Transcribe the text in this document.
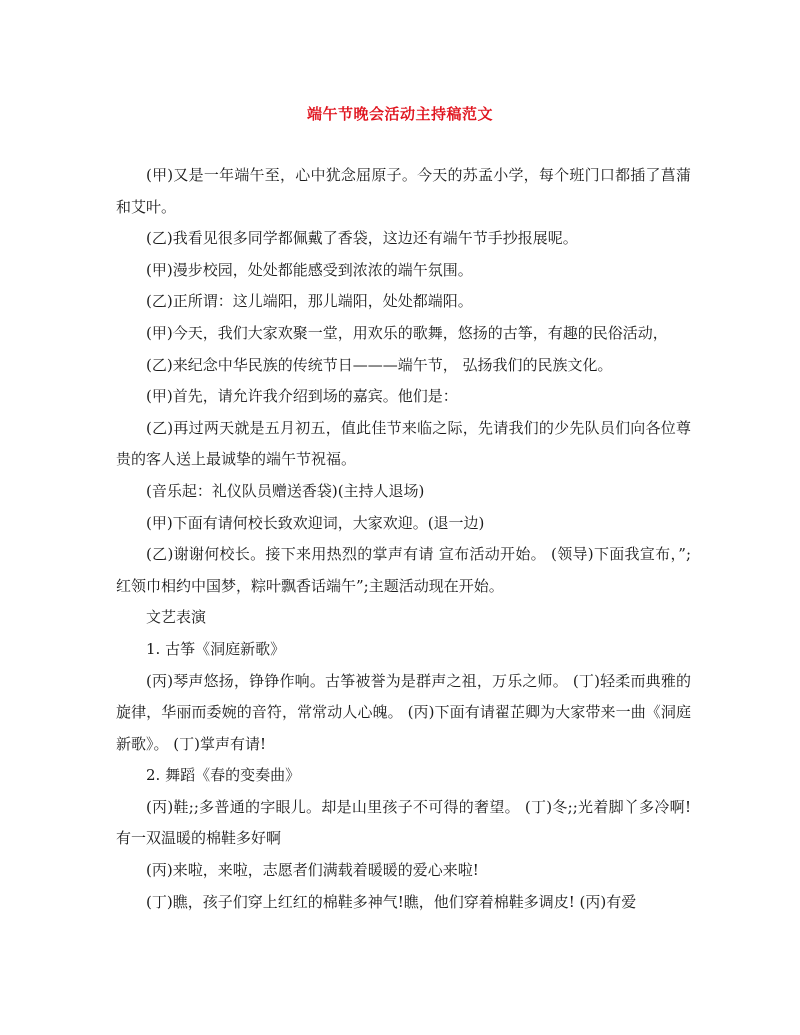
端午节晚会活动主持稿范文

(甲)又是一年端午至，心中犹念屈原子。今天的苏孟小学，每个班门口都插了菖蒲和艾叶。

(乙)我看见很多同学都佩戴了香袋，这边还有端午节手抄报展呢。

(甲)漫步校园，处处都能感受到浓浓的端午氛围。

(乙)正所谓：这儿端阳，那儿端阳，处处都端阳。

(甲)今天，我们大家欢聚一堂，用欢乐的歌舞，悠扬的古筝，有趣的民俗活动，

(乙)来纪念中华民族的传统节日———端午节， 弘扬我们的民族文化。

(甲)首先，请允许我介绍到场的嘉宾。他们是：

(乙)再过两天就是五月初五，值此佳节来临之际，先请我们的少先队员们向各位尊贵的客人送上最诚挚的端午节祝福。

(音乐起：礼仪队员赠送香袋)(主持人退场)

(甲)下面有请何校长致欢迎词，大家欢迎。(退一边)

(乙)谢谢何校长。接下来用热烈的掌声有请 宣布活动开始。 (领导)下面我宣布，”;红领巾相约中国梦，粽叶飘香话端午”;主题活动现在开始。

文艺表演

1. 古筝《洞庭新歌》

(丙)琴声悠扬，铮铮作响。古筝被誉为是群声之祖，万乐之师。 (丁)轻柔而典雅的旋律，华丽而委婉的音符，常常动人心魄。 (丙)下面有请翟芷卿为大家带来一曲《洞庭新歌》。 (丁)掌声有请!

2. 舞蹈《春的变奏曲》

(丙)鞋;;多普通的字眼儿。却是山里孩子不可得的奢望。 (丁)冬;;光着脚丫多冷啊!有一双温暖的棉鞋多好啊

(丙)来啦，来啦，志愿者们满载着暖暖的爱心来啦!

(丁)瞧，孩子们穿上红红的棉鞋多神气!瞧，他们穿着棉鞋多调皮! (丙)有爱
